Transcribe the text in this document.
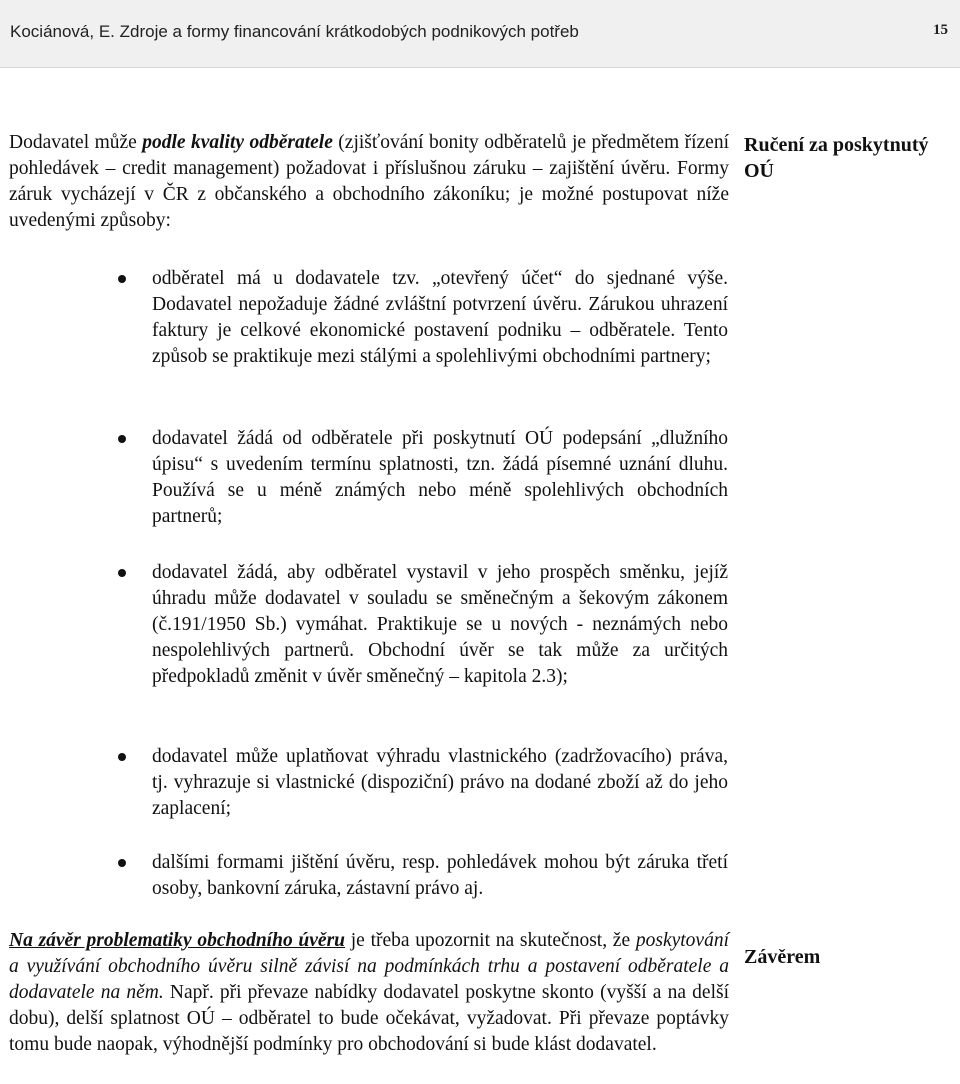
Kociánová, E. Zdroje a formy financování krátkodobých podnikových potřeb	15

Dodavatel může podle kvality odběratele (zjišťování bonity odběratelů je předmětem řízení pohledávek – credit management) požadovat i příslušnou záruku – zajištění úvěru. Formy záruk vycházejí v ČR z občanského a obchodního zákoníku; je možné postupovat níže uvedenými způsoby:

Ručení za poskytnutý OÚ
odběratel má u dodavatele tzv. „otevřený účet“ do sjednané výše. Dodavatel nepožaduje žádné zvláštní potvrzení úvěru. Zárukou uhrazení faktury je celkové ekonomické postavení podniku – odběratele. Tento způsob se praktikuje mezi stálými a spolehlivými obchodními partnery;
dodavatel žádá od odběratele při poskytnutí OÚ podepsání „dlužního úpisu“ s uvedením termínu splatnosti, tzn. žádá písemné uznání dluhu. Používá se u méně známých nebo méně spolehlivých obchodních partnerů;
dodavatel žádá, aby odběratel vystavil v jeho prospěch směnku, jejíž úhradu může dodavatel v souladu se směnečným a šekovým zákonem (č.191/1950 Sb.) vymáhat. Praktikuje se u nových - neznámých nebo nespolehlivých partnerů. Obchodní úvěr se tak může za určitých předpokladů změnit v úvěr směnečný – kapitola 2.3);
dodavatel může uplatňovat výhradu vlastnického (zadržovacího) práva, tj. vyhrazuje si vlastnické (dispoziční) právo na dodané zboží až do jeho zaplacení;
dalšími formami jištění úvěru, resp. pohledávek mohou být záruka třetí osoby, bankovní záruka, zástavní právo aj.

Na závěr problematiky obchodního úvěru je třeba upozornit na skutečnost, že poskytování a využívání obchodního úvěru silně závisí na podmínkách trhu a postavení odběratele a dodavatele na něm. Např. při převaze nabídky dodavatel poskytne skonto (vyšší a na delší dobu), delší splatnost OÚ – odběratel to bude očekávat, vyžadovat. Při převaze poptávky tomu bude naopak, výhodnější podmínky pro obchodování si bude klást dodavatel.

Závěrem
